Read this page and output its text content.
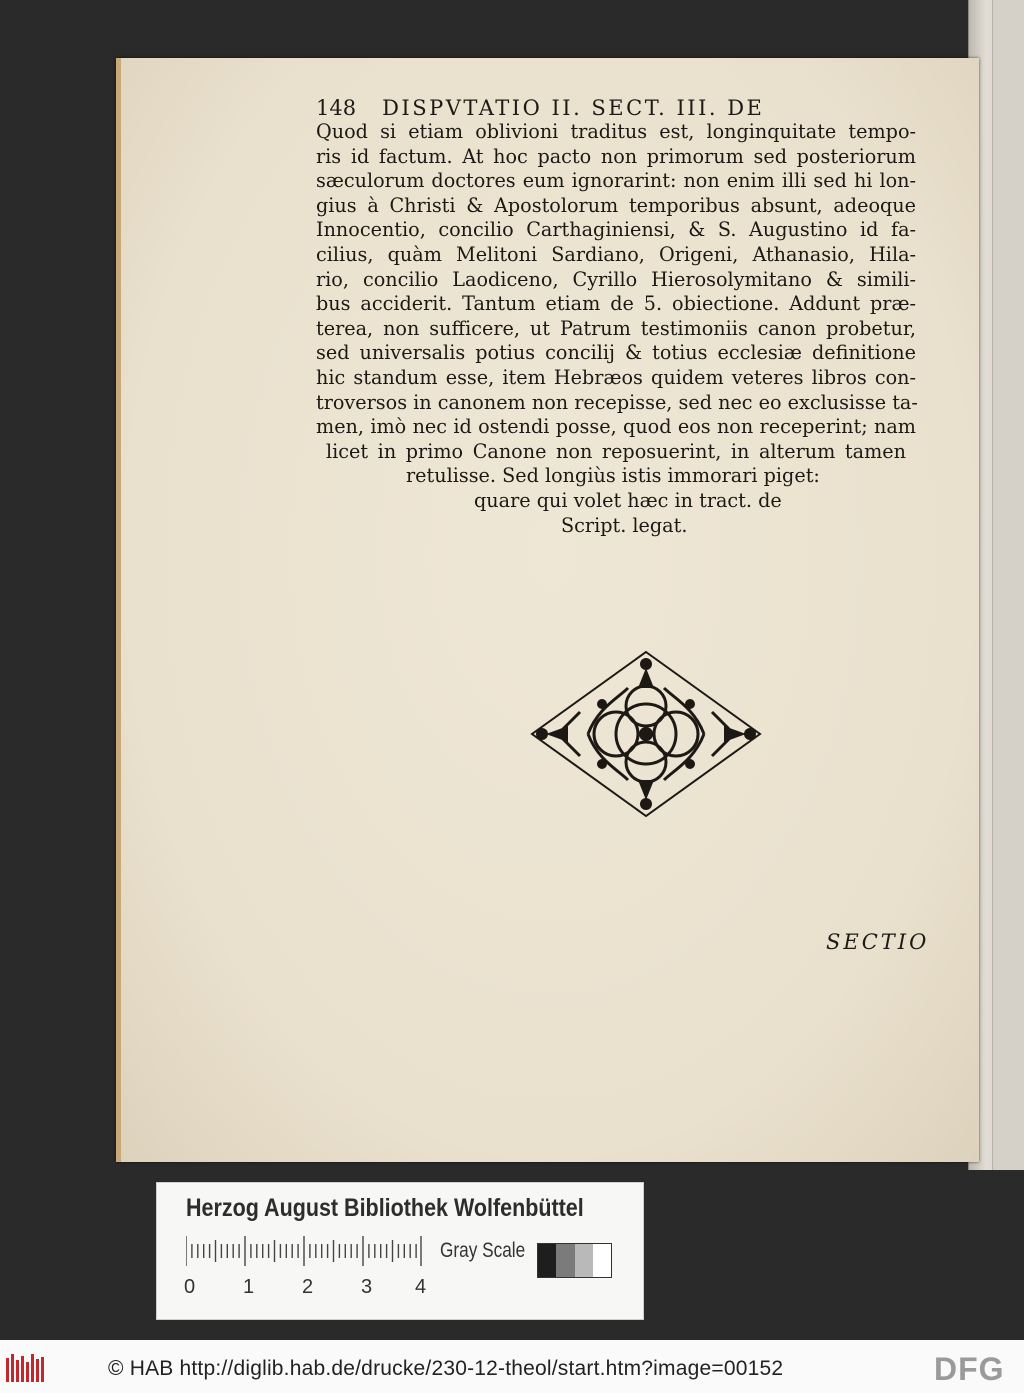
148 DISPVTATIO II. SECT. III. DE
Quod si etiam oblivioni traditus est, longinquitate tempo-
ris id factum. At hoc pacto non primorum sed posteriorum
sæculorum doctores eum ignorarint: non enim illi sed hi lon-
gius à Christi & Apostolorum temporibus absunt, adeoque
Innocentio, concilio Carthaginiensi, & S. Augustino id fa-
cilius, quàm Melitoni Sardiano, Origeni, Athanasio, Hila-
rio, concilio Laodiceno, Cyrillo Hierosolymitano & simili-
bus acciderit. Tantum etiam de 5. obiectione. Addunt præ-
terea, non sufficere, ut Patrum testimoniis canon probetur,
sed universalis potius concilij & totius ecclesiæ definitione
hic standum esse, item Hebræos quidem veteres libros con-
troversos in canonem non recepisse, sed nec eo exclusisse ta-
men, imò nec id ostendi posse, quod eos non receperint; nam
licet in primo Canone non reposuerint, in alterum tamen
retulisse. Sed longiùs istis immorari piget:
quare qui volet hæc in tract. de
Script. legat.
SECTIO
Herzog August Bibliothek Wolfenbüttel
0 1 2 3 4
Gray Scale
© HAB http://diglib.hab.de/drucke/230-12-theol/start.htm?image=00152	DFG
